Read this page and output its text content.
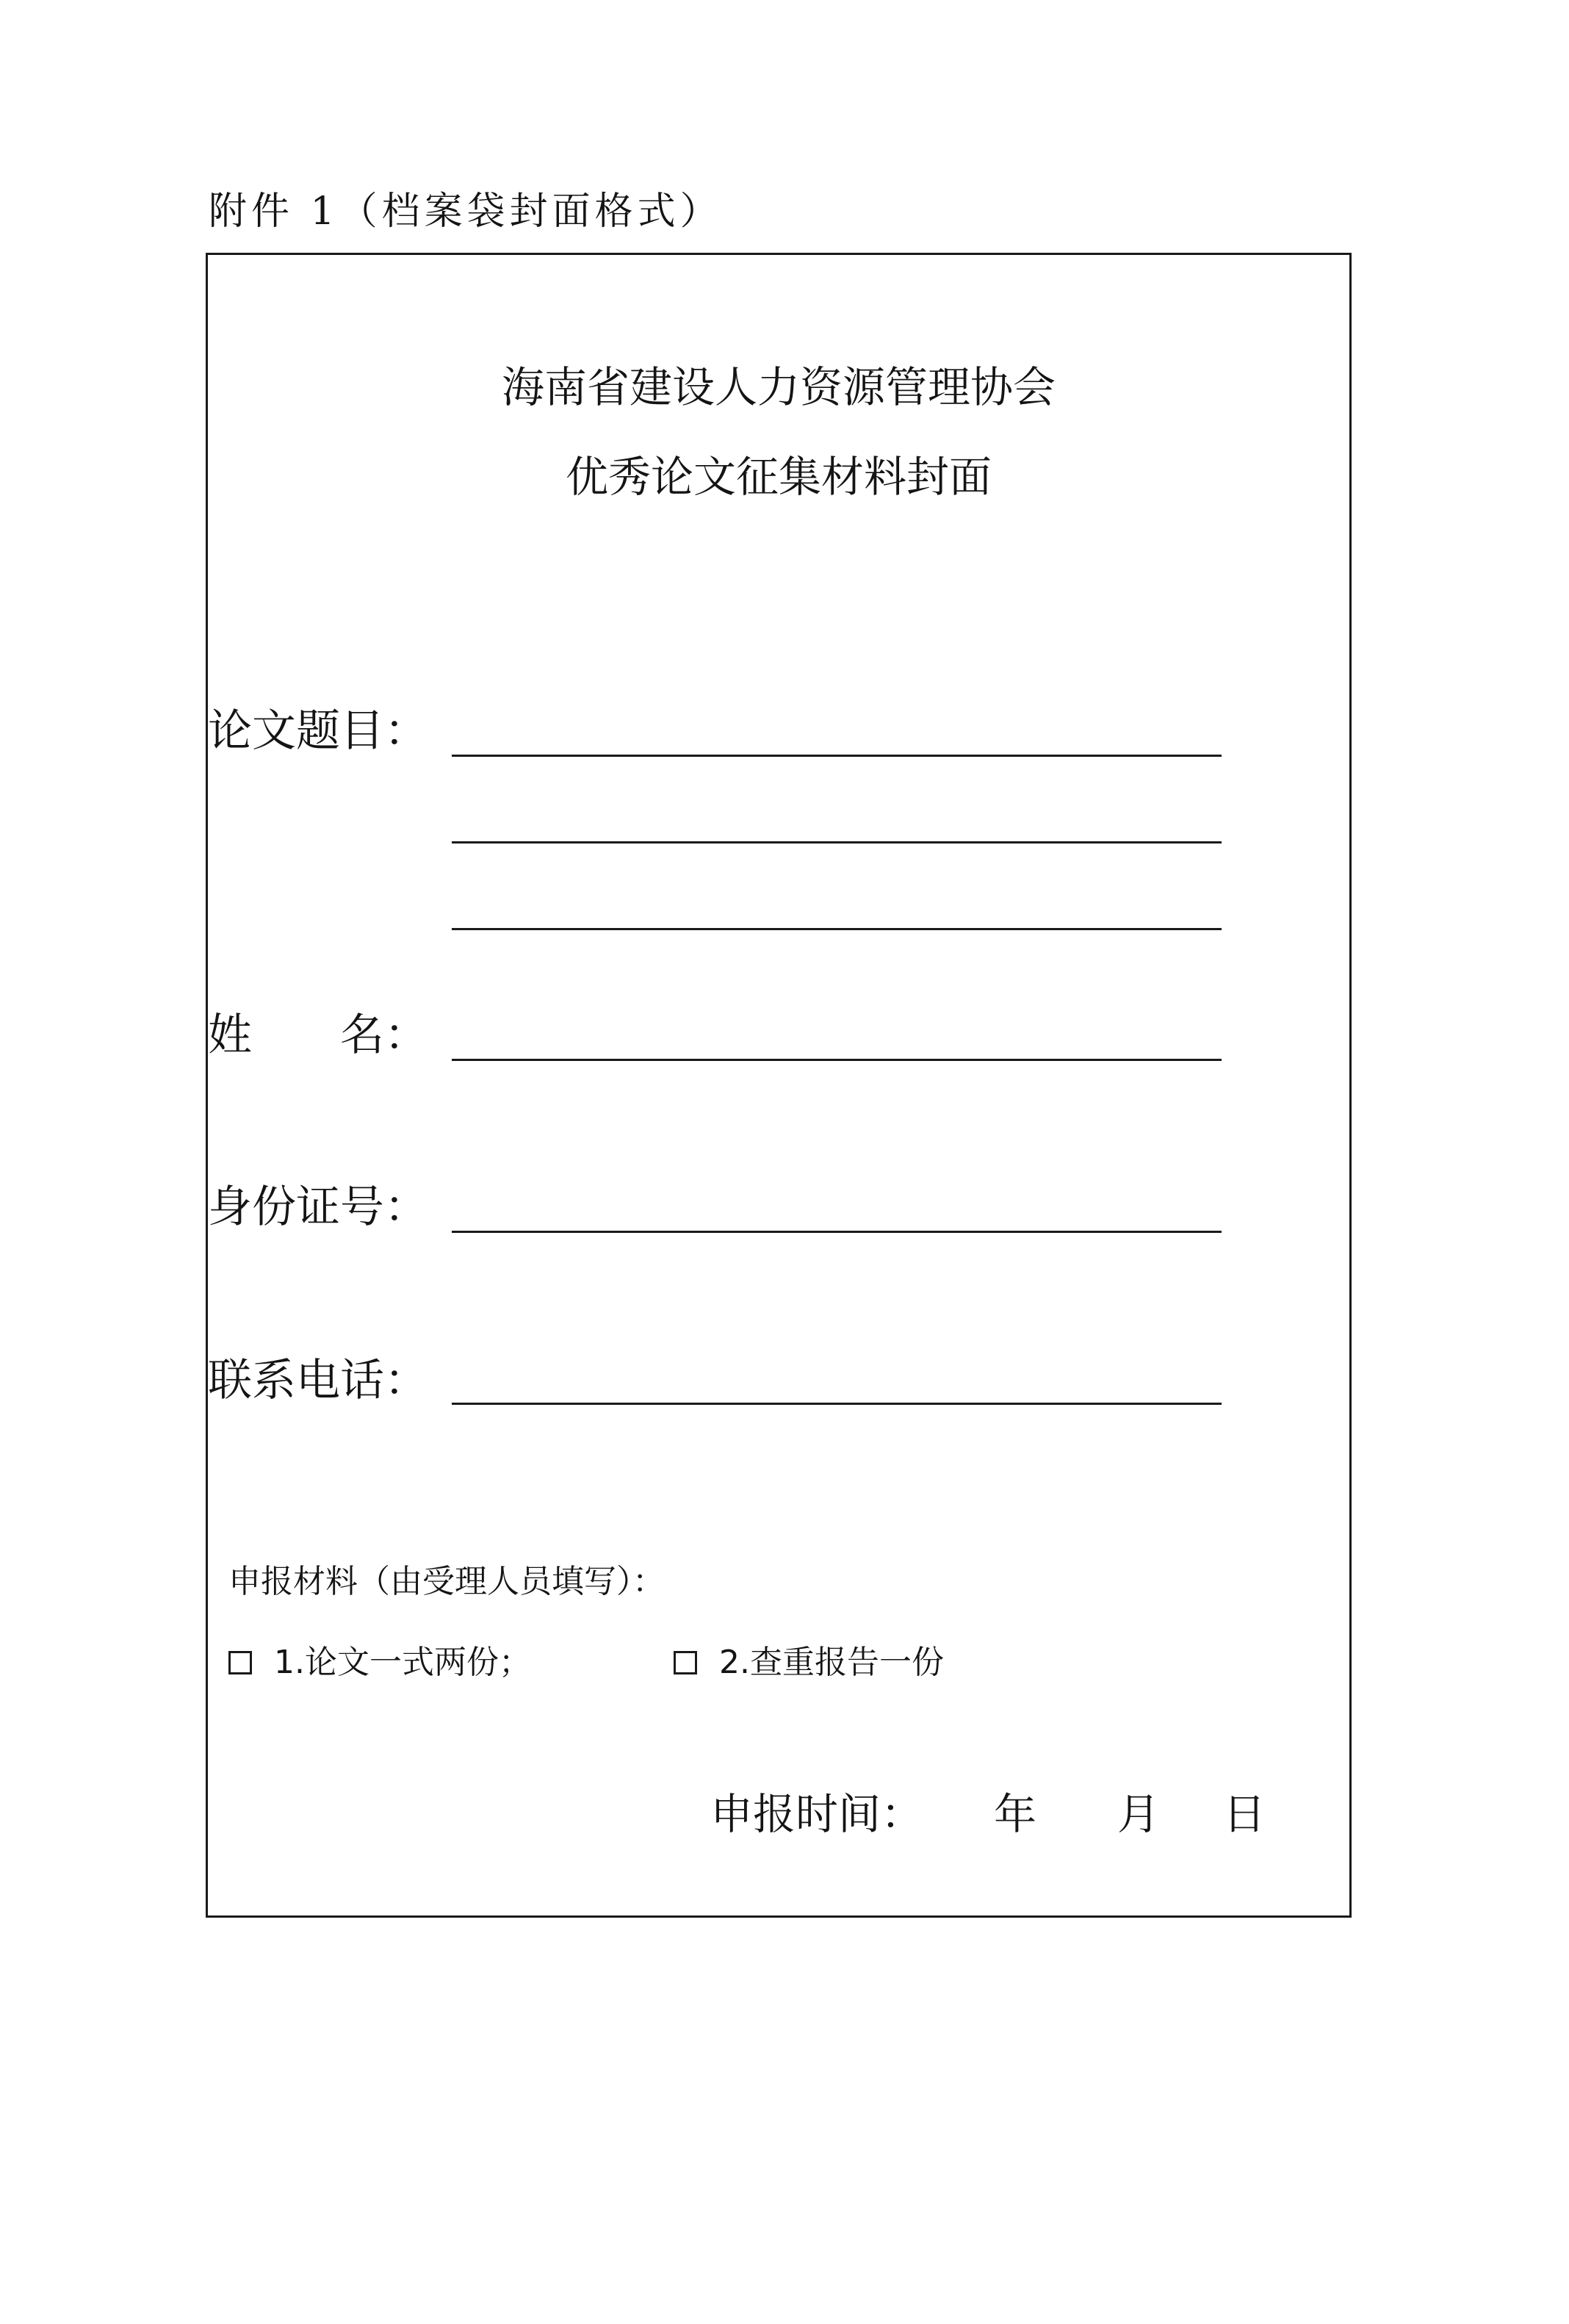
附件 1（档案袋封面格式）
海南省建设人力资源管理协会
优秀论文征集材料封面
论文题目：
姓 名：
身份证号：
联系电话：
申报材料（由受理人员填写）：
1.论文一式两份；	2.查重报告一份
申报时间： 年 月 日
